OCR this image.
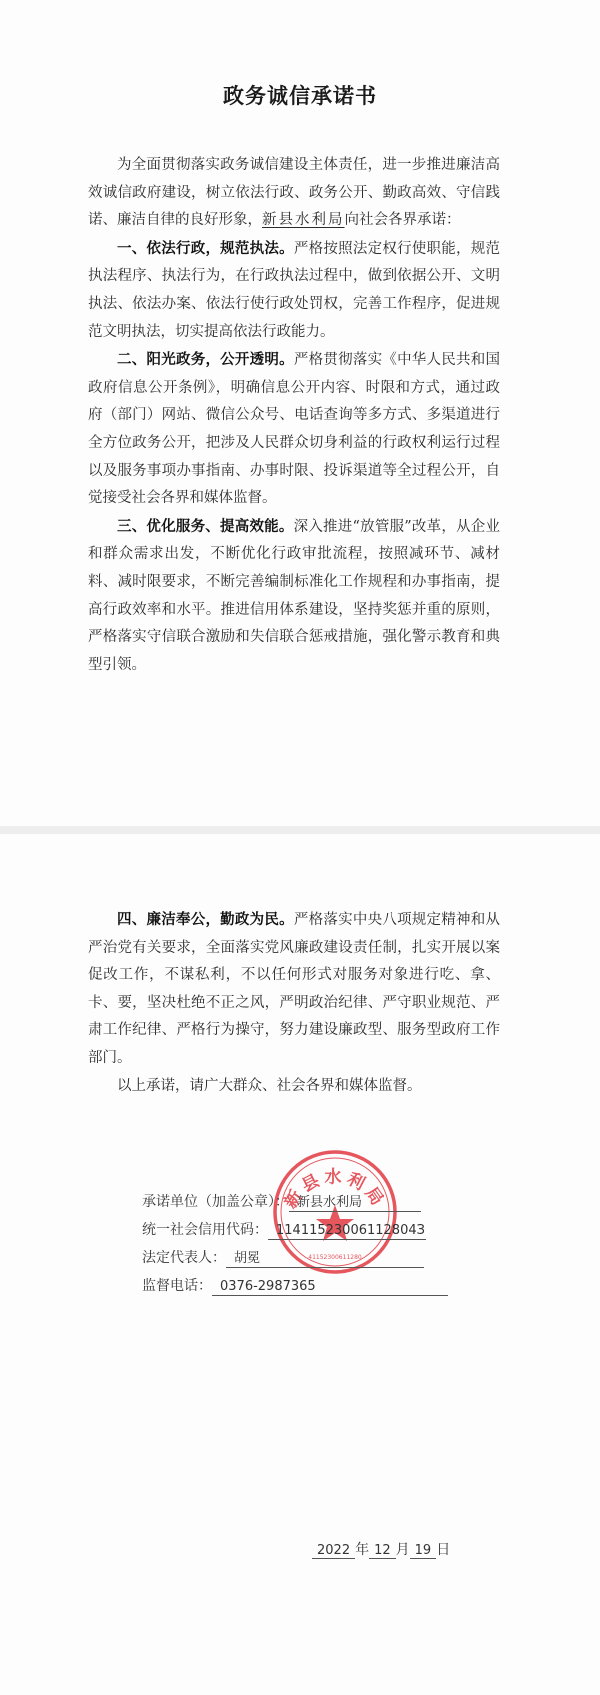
政务诚信承诺书

为全面贯彻落实政务诚信建设主体责任，进一步推进廉洁高效诚信政府建设，树立依法行政、政务公开、勤政高效、守信践诺、廉洁自律的良好形象，新县水利局向社会各界承诺：

一、依法行政，规范执法。严格按照法定权行使职能，规范执法程序、执法行为，在行政执法过程中，做到依据公开、文明执法、依法办案、依法行使行政处罚权，完善工作程序，促进规范文明执法，切实提高依法行政能力。

二、阳光政务，公开透明。严格贯彻落实《中华人民共和国政府信息公开条例》，明确信息公开内容、时限和方式，通过政府（部门）网站、微信公众号、电话查询等多方式、多渠道进行全方位政务公开，把涉及人民群众切身利益的行政权利运行过程以及服务事项办事指南、办事时限、投诉渠道等全过程公开，自觉接受社会各界和媒体监督。

三、优化服务、提高效能。深入推进“放管服”改革，从企业和群众需求出发，不断优化行政审批流程，按照减环节、减材料、减时限要求，不断完善编制标准化工作规程和办事指南，提高行政效率和水平。推进信用体系建设，坚持奖惩并重的原则，严格落实守信联合激励和失信联合惩戒措施，强化警示教育和典型引领。

四、廉洁奉公，勤政为民。严格落实中央八项规定精神和从严治党有关要求，全面落实党风廉政建设责任制，扎实开展以案促改工作，不谋私利，不以任何形式对服务对象进行吃、拿、卡、要，坚决杜绝不正之风，严明政治纪律、严守职业规范、严肃工作纪律、严格行为操守，努力建设廉政型、服务型政府工作部门。

以上承诺，请广大群众、社会各界和媒体监督。

新县水利局
41152300611280
承诺单位（加盖公章）： 新县水利局
统一社会信用代码： 11411523006112804З
法定代表人： 胡冕
监督电话： 0376-2987365
2022 年 12 月 19 日
